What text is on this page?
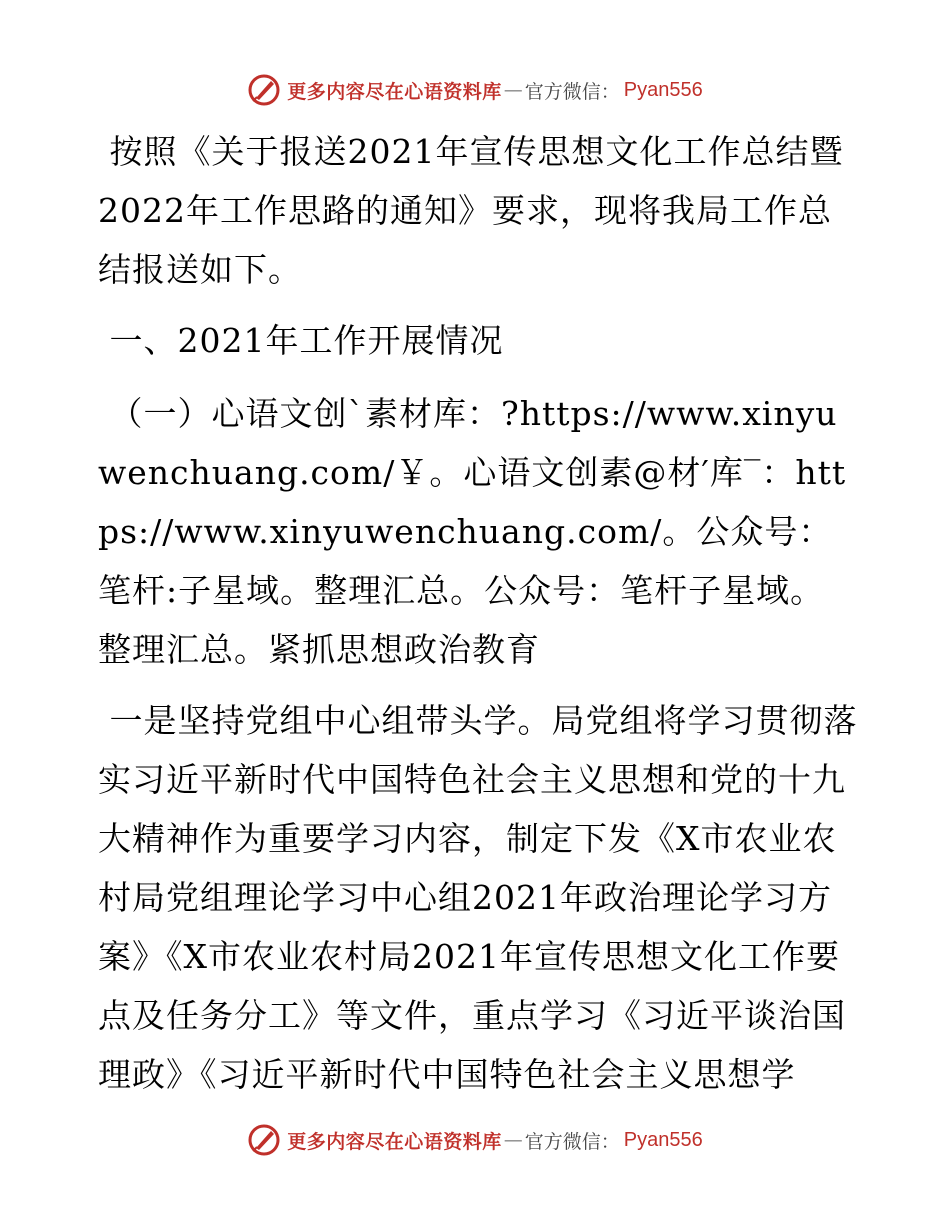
更多内容尽在心语资料库 — 官方微信： Pyan556

按照《关于报送2021年宣传思想文化工作总结暨2022年工作思路的通知》要求，现将我局工作总结报送如下。

一、2021年工作开展情况

（一）心语文创`素材库：?https://www.xinyuwenchuang.com/￥。心语文创素@材′库‾：https://www.xinyuwenchuang.com/。公众号：笔杆:子星域。整理汇总。公众号：笔杆子星域。整理汇总。紧抓思想政治教育

一是坚持党组中心组带头学。局党组将学习贯彻落实习近平新时代中国特色社会主义思想和党的十九大精神作为重要学习内容，制定下发《X市农业农村局党组理论学习中心组2021年政治理论学习方案》《X市农业农村局2021年宣传思想文化工作要点及任务分工》等文件，重点学习《习近平谈治国理政》《习近平新时代中国特色社会主义思想学

更多内容尽在心语资料库 — 官方微信： Pyan556
